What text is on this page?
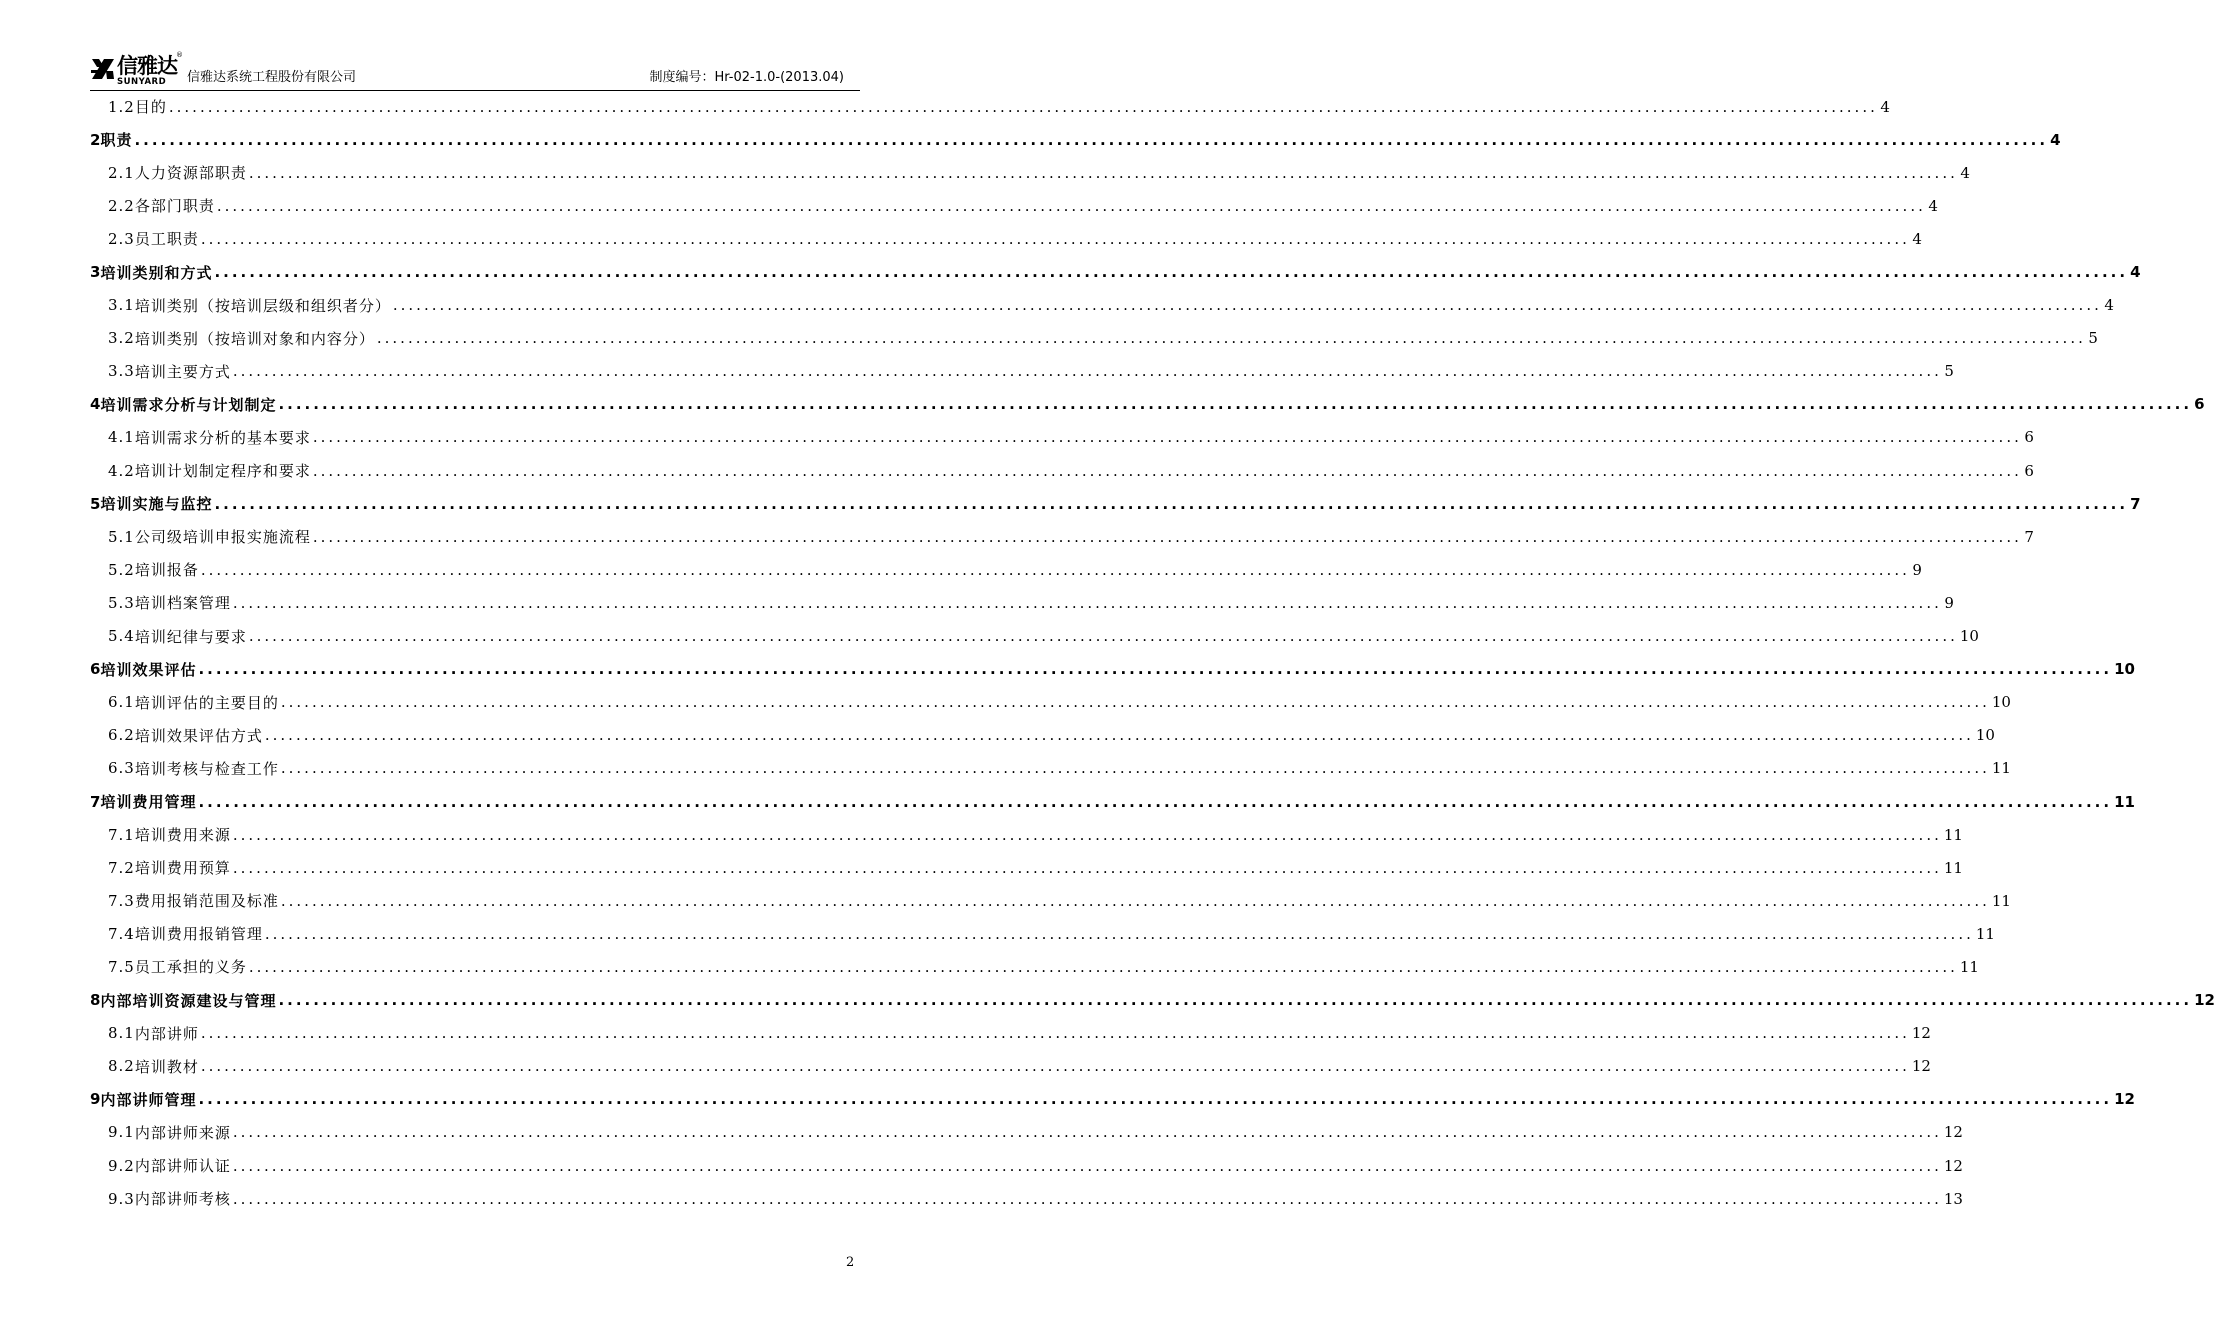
信雅达 ®
SUNYARD 信雅达系统工程股份有限公司	制度编号：Hr-02-1.0-(2013.04)
1.2 目的 ............................................................................................................................................................................................................................ 4
2 职责 ............................................................................................................................................................................................................................ 4
2.1 人力资源部职责 ............................................................................................................................................................................................................................ 4
2.2 各部门职责 ............................................................................................................................................................................................................................ 4
2.3 员工职责 ............................................................................................................................................................................................................................ 4
3 培训类别和方式 ............................................................................................................................................................................................................................ 4
3.1 培训类别（按培训层级和组织者分） ............................................................................................................................................................................................................................ 4
3.2 培训类别（按培训对象和内容分） ............................................................................................................................................................................................................................ 5
3.3 培训主要方式 ............................................................................................................................................................................................................................ 5
4 培训需求分析与计划制定 ............................................................................................................................................................................................................................ 6
4.1 培训需求分析的基本要求 ............................................................................................................................................................................................................................ 6
4.2 培训计划制定程序和要求 ............................................................................................................................................................................................................................ 6
5 培训实施与监控 ............................................................................................................................................................................................................................ 7
5.1 公司级培训申报实施流程 ............................................................................................................................................................................................................................ 7
5.2 培训报备 ............................................................................................................................................................................................................................ 9
5.3 培训档案管理 ............................................................................................................................................................................................................................ 9
5.4 培训纪律与要求 ............................................................................................................................................................................................................................ 10
6 培训效果评估 ............................................................................................................................................................................................................................ 10
6.1 培训评估的主要目的 ............................................................................................................................................................................................................................ 10
6.2 培训效果评估方式 ............................................................................................................................................................................................................................ 10
6.3 培训考核与检查工作 ............................................................................................................................................................................................................................ 11
7 培训费用管理 ............................................................................................................................................................................................................................ 11
7.1 培训费用来源 ............................................................................................................................................................................................................................ 11
7.2 培训费用预算 ............................................................................................................................................................................................................................ 11
7.3 费用报销范围及标准 ............................................................................................................................................................................................................................ 11
7.4 培训费用报销管理 ............................................................................................................................................................................................................................ 11
7.5 员工承担的义务 ............................................................................................................................................................................................................................ 11
8 内部培训资源建设与管理 ............................................................................................................................................................................................................................ 12
8.1 内部讲师 ............................................................................................................................................................................................................................ 12
8.2 培训教材 ............................................................................................................................................................................................................................ 12
9 内部讲师管理 ............................................................................................................................................................................................................................ 12
9.1 内部讲师来源 ............................................................................................................................................................................................................................ 12
9.2 内部讲师认证 ............................................................................................................................................................................................................................ 12
9.3 内部讲师考核 ............................................................................................................................................................................................................................ 13
2
